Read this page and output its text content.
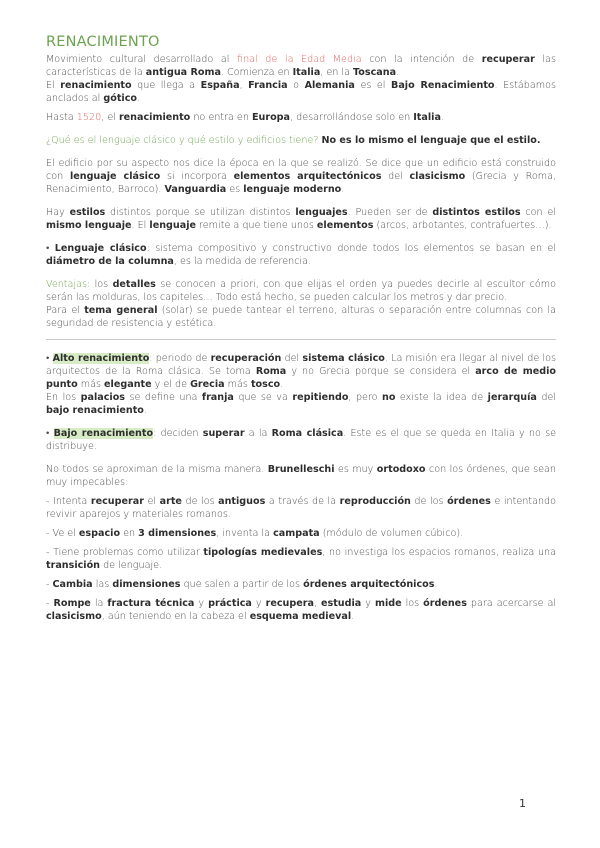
RENACIMIENTO

Movimiento cultural desarrollado al final de la Edad Media con la intención de recuperar las características de la antigua Roma. Comienza en Italia, en la Toscana.

El renacimiento que llega a España, Francia o Alemania es el Bajo Renacimiento. Estábamos anclados al gótico.

Hasta 1520, el renacimiento no entra en Europa, desarrollándose solo en Italia.

¿Qué es el lenguaje clásico y qué estilo y edificios tiene? No es lo mismo el lenguaje que el estilo.

El edificio por su aspecto nos dice la época en la que se realizó. Se dice que un edificio está construido con lenguaje clásico si incorpora elementos arquitectónicos del clasicismo (Grecia y Roma, Renacimiento, Barroco). Vanguardia es lenguaje moderno.

Hay estilos distintos porque se utilizan distintos lenguajes. Pueden ser de distintos estilos con el mismo lenguaje. El lenguaje remite a que tiene unos elementos (arcos, arbotantes, contrafuertes…).

• Lenguaje clásico: sistema compositivo y constructivo donde todos los elementos se basan en el diámetro de la columna, es la medida de referencia.

Ventajas: los detalles se conocen a priori, con que elijas el orden ya puedes decirle al escultor cómo serán las molduras, los capiteles… Todo está hecho, se pueden calcular los metros y dar precio.

Para el tema general (solar) se puede tantear el terreno, alturas o separación entre columnas con la seguridad de resistencia y estética.

• Alto renacimiento: periodo de recuperación del sistema clásico. La misión era llegar al nivel de los arquitectos de la Roma clásica. Se toma Roma y no Grecia porque se considera el arco de medio punto más elegante y el de Grecia más tosco.

En los palacios se define una franja que se va repitiendo, pero no existe la idea de jerarquía del bajo renacimiento.

• Bajo renacimiento: deciden superar a la Roma clásica. Este es el que se queda en Italia y no se distribuye.

No todos se aproximan de la misma manera. Brunelleschi es muy ortodoxo con los órdenes, que sean muy impecables:

- Intenta recuperar el arte de los antiguos a través de la reproducción de los órdenes e intentando revivir aparejos y materiales romanos.

- Ve el espacio en 3 dimensiones, inventa la campata (módulo de volumen cúbico).

- Tiene problemas como utilizar tipologías medievales, no investiga los espacios romanos, realiza una transición de lenguaje.

- Cambia las dimensiones que salen a partir de los órdenes arquitectónicos.

- Rompe la fractura técnica y práctica y recupera, estudia y mide los órdenes para acercarse al clasicismo, aún teniendo en la cabeza el esquema medieval.

1
